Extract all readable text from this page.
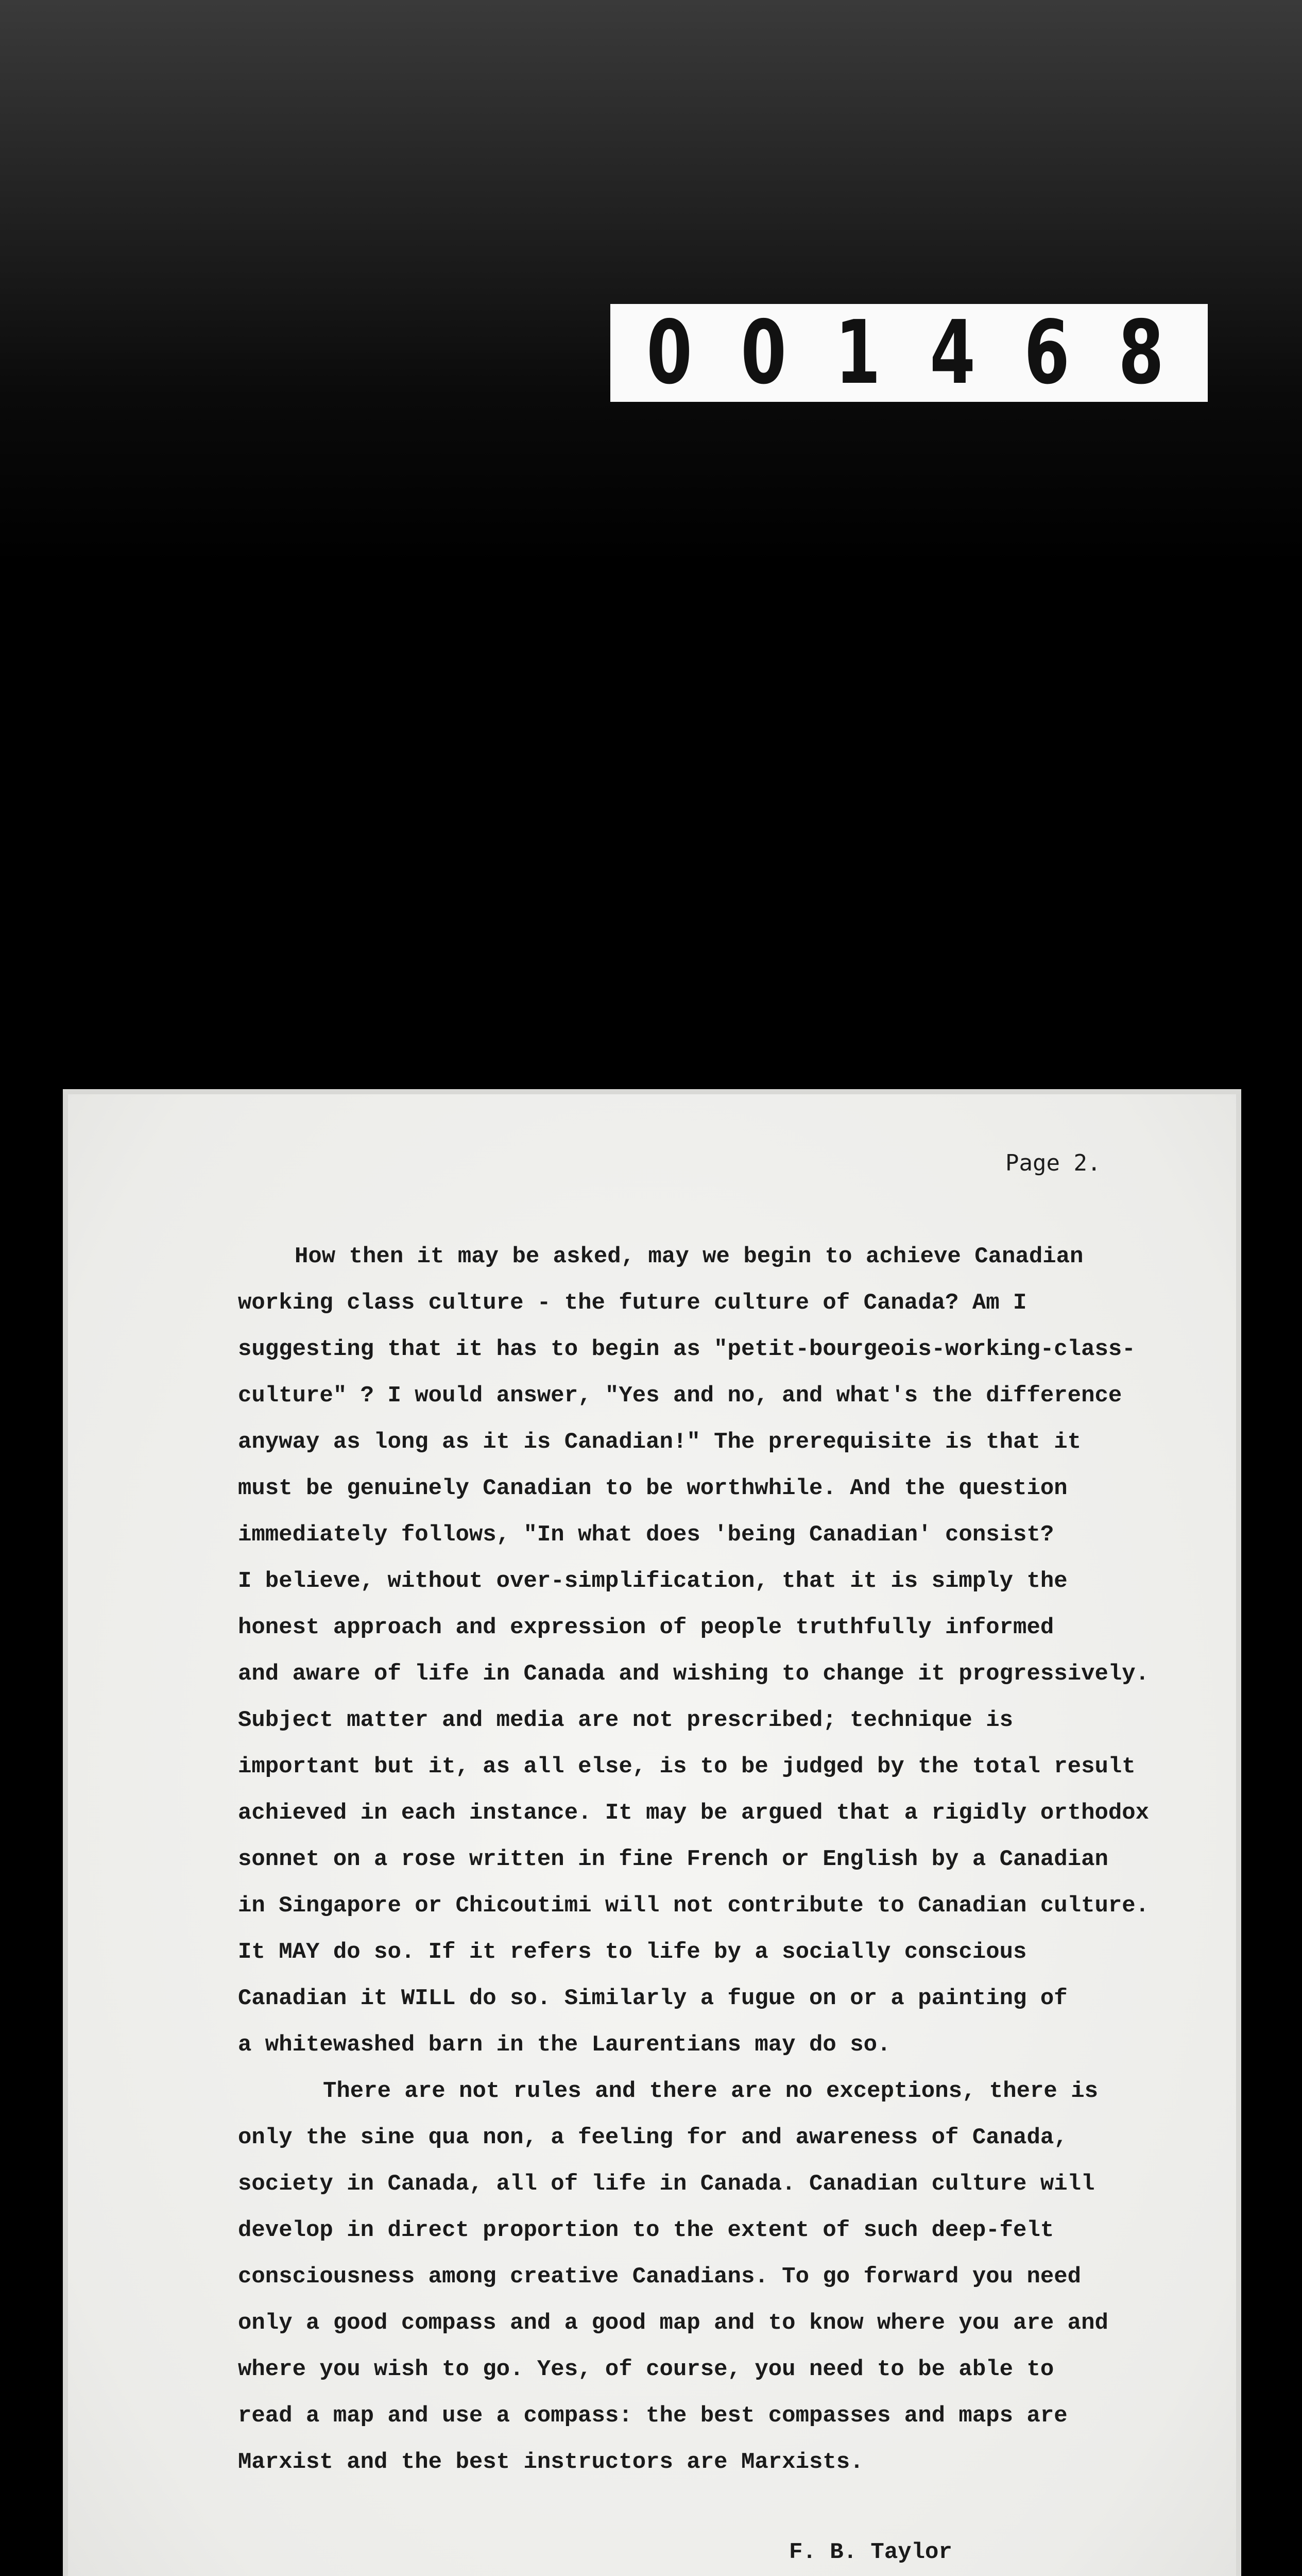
0 0 1 4 6 8
Page 2.
How then it may be asked, may we begin to achieve Canadian
working class culture - the future culture of Canada? Am I
suggesting that it has to begin as "petit-bourgeois-working-class-
culture" ? I would answer, "Yes and no, and what's the difference
anyway as long as it is Canadian!" The prerequisite is that it
must be genuinely Canadian to be worthwhile. And the question
immediately follows, "In what does 'being Canadian' consist?
I believe, without over-simplification, that it is simply the
honest approach and expression of people truthfully informed
and aware of life in Canada and wishing to change it progressively.
Subject matter and media are not prescribed; technique is
important but it, as all else, is to be judged by the total result
achieved in each instance. It may be argued that a rigidly orthodox
sonnet on a rose written in fine French or English by a Canadian
in Singapore or Chicoutimi will not contribute to Canadian culture.
It MAY do so. If it refers to life by a socially conscious
Canadian it WILL do so. Similarly a fugue on or a painting of
a whitewashed barn in the Laurentians may do so.
There are not rules and there are no exceptions, there is
only the sine qua non, a feeling for and awareness of Canada,
society in Canada, all of life in Canada. Canadian culture will
develop in direct proportion to the extent of such deep-felt
consciousness among creative Canadians. To go forward you need
only a good compass and a good map and to know where you are and
where you wish to go. Yes, of course, you need to be able to
read a map and use a compass: the best compasses and maps are
Marxist and the best instructors are Marxists.
F. B. Taylor
